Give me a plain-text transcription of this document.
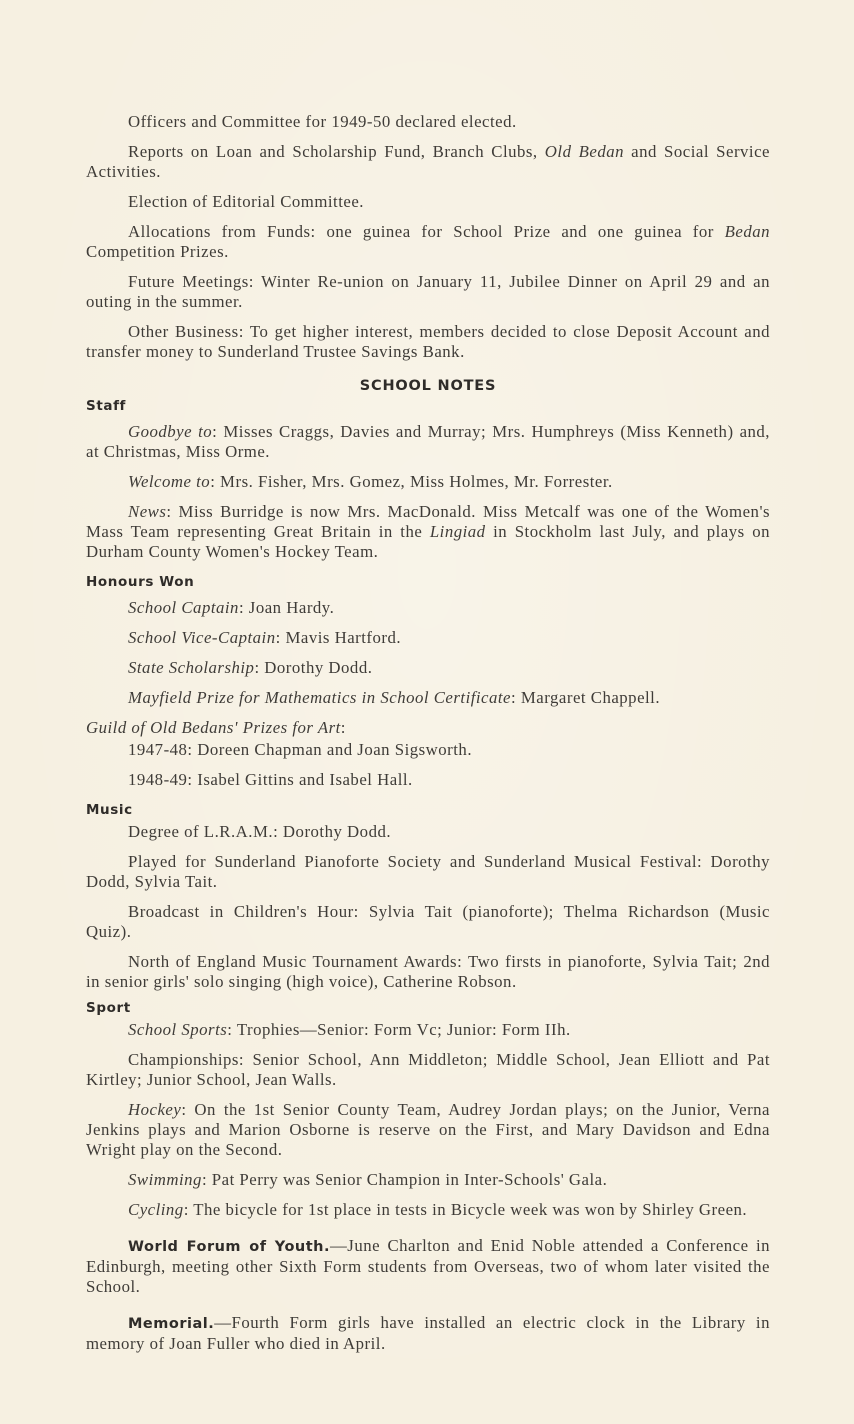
Officers and Committee for 1949-50 declared elected.

Reports on Loan and Scholarship Fund, Branch Clubs, Old Bedan and Social Service Activities.

Election of Editorial Committee.

Allocations from Funds: one guinea for School Prize and one guinea for Bedan Competition Prizes.

Future Meetings: Winter Re-union on January 11, Jubilee Dinner on April 29 and an outing in the summer.

Other Business: To get higher interest, members decided to close Deposit Account and transfer money to Sunderland Trustee Savings Bank.

SCHOOL NOTES
Staff

Goodbye to: Misses Craggs, Davies and Murray; Mrs. Humphreys (Miss Kenneth) and, at Christmas, Miss Orme.

Welcome to: Mrs. Fisher, Mrs. Gomez, Miss Holmes, Mr. Forrester.

News: Miss Burridge is now Mrs. MacDonald. Miss Metcalf was one of the Women's Mass Team representing Great Britain in the Lingiad in Stockholm last July, and plays on Durham County Women's Hockey Team.

Honours Won

School Captain: Joan Hardy.

School Vice-Captain: Mavis Hartford.

State Scholarship: Dorothy Dodd.

Mayfield Prize for Mathematics in School Certificate: Margaret Chappell.

Guild of Old Bedans' Prizes for Art:

1947-48: Doreen Chapman and Joan Sigsworth.

1948-49: Isabel Gittins and Isabel Hall.

Music

Degree of L.R.A.M.: Dorothy Dodd.

Played for Sunderland Pianoforte Society and Sunderland Musical Festival: Dorothy Dodd, Sylvia Tait.

Broadcast in Children's Hour: Sylvia Tait (pianoforte); Thelma Richardson (Music Quiz).

North of England Music Tournament Awards: Two firsts in pianoforte, Sylvia Tait; 2nd in senior girls' solo singing (high voice), Catherine Robson.

Sport

School Sports: Trophies—Senior: Form Vc; Junior: Form IIh.

Championships: Senior School, Ann Middleton; Middle School, Jean Elliott and Pat Kirtley; Junior School, Jean Walls.

Hockey: On the 1st Senior County Team, Audrey Jordan plays; on the Junior, Verna Jenkins plays and Marion Osborne is reserve on the First, and Mary Davidson and Edna Wright play on the Second.

Swimming: Pat Perry was Senior Champion in Inter-Schools' Gala.

Cycling: The bicycle for 1st place in tests in Bicycle week was won by Shirley Green.

World Forum of Youth.—June Charlton and Enid Noble attended a Conference in Edinburgh, meeting other Sixth Form students from Overseas, two of whom later visited the School.

Memorial.—Fourth Form girls have installed an electric clock in the Library in memory of Joan Fuller who died in April.
